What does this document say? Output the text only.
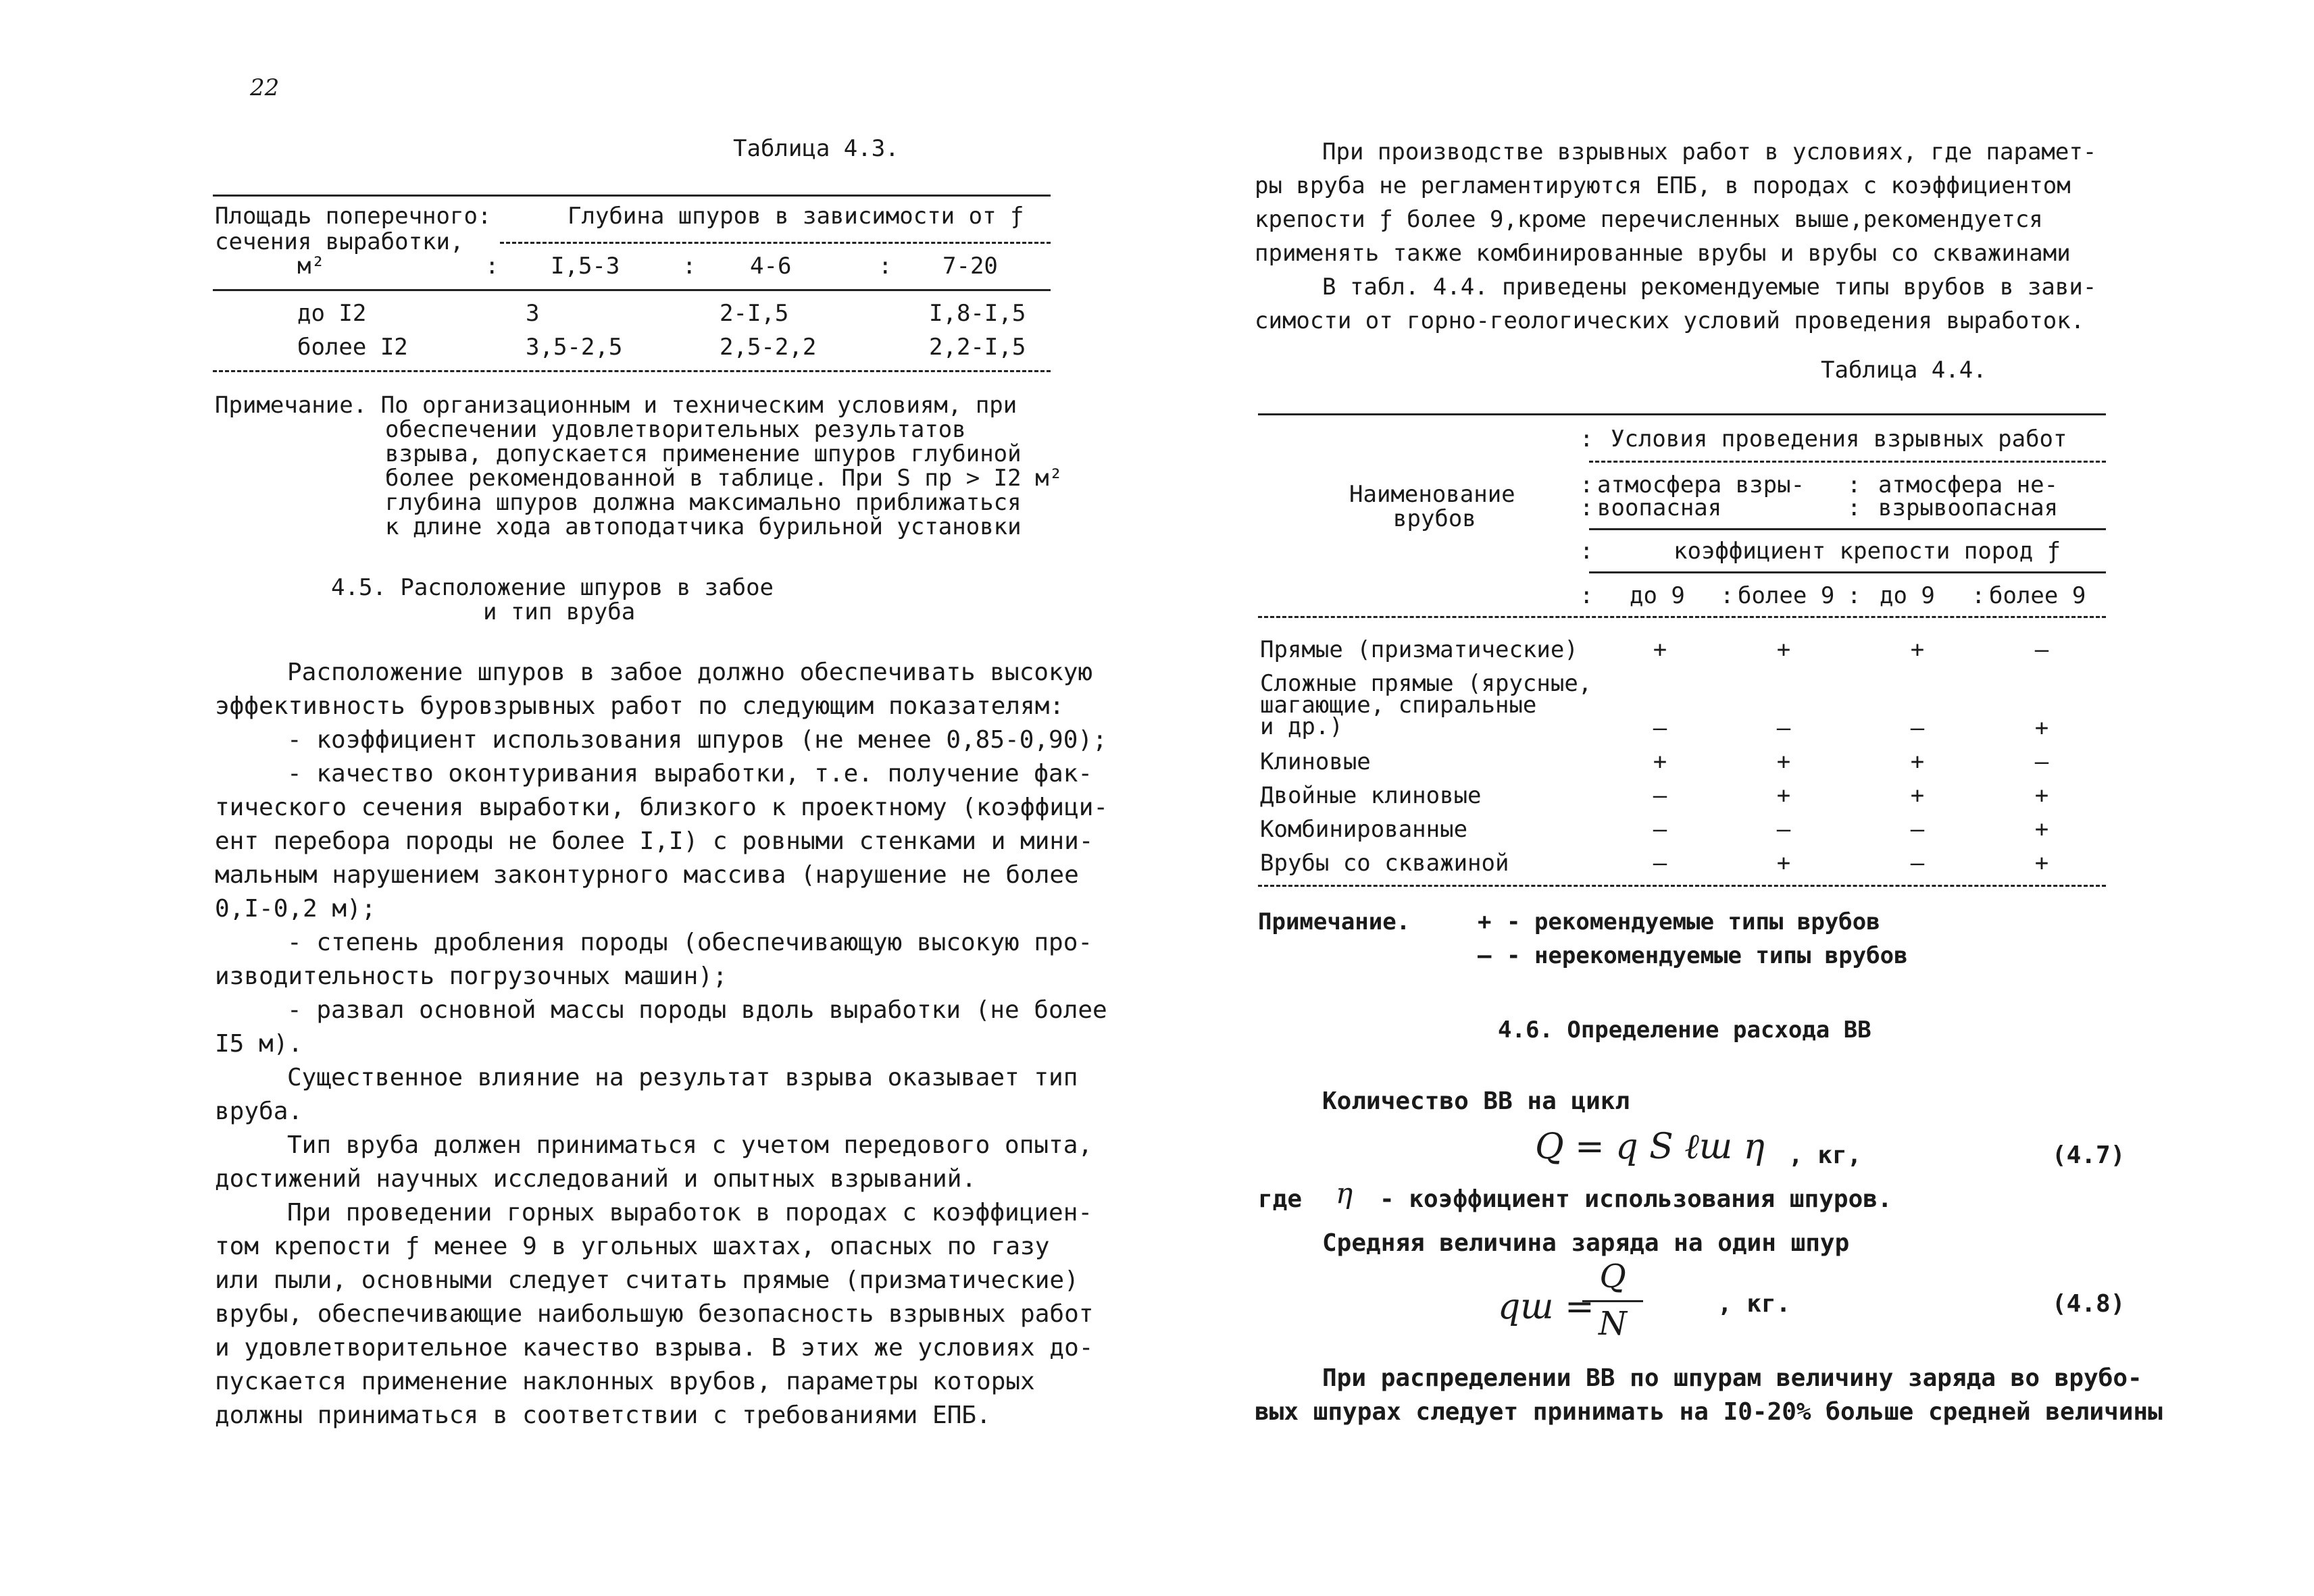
22
Таблица 4.3.
Площадь поперечного:
сечения выработки,
м²
Глубина шпуров в зависимости от ƒ
: I,5-3	: 4-6	: 7-20
до I2	3	2-I,5	I,8-I,5
более I2	3,5-2,5	2,5-2,2	2,2-I,5
Примечание. По организационным и техническим условиям, при
обеспечении удовлетворительных результатов
взрыва, допускается применение шпуров глубиной
более рекомендованной в таблице. При S пр > I2 м²
глубина шпуров должна максимально приближаться
к длине хода автоподатчика бурильной установки
4.5. Расположение шпуров в забое
и тип вруба
Расположение шпуров в забое должно обеспечивать высокую
эффективность буровзрывных работ по следующим показателям:
- коэффициент использования шпуров (не менее 0,85-0,90);
- качество оконтуривания выработки, т.е. получение фак-
тического сечения выработки, близкого к проектному (коэффици-
ент перебора породы не более I,I) с ровными стенками и мини-
мальным нарушением законтурного массива (нарушение не более
0,I-0,2 м);
- степень дробления породы (обеспечивающую высокую про-
изводительность погрузочных машин);
- развал основной массы породы вдоль выработки (не более
I5 м).
Существенное влияние на результат взрыва оказывает тип
вруба.
Тип вруба должен приниматься с учетом передового опыта,
достижений научных исследований и опытных взрываний.
При проведении горных выработок в породах с коэффициен-
том крепости ƒ менее 9 в угольных шахтах, опасных по газу
или пыли, основными следует считать прямые (призматические)
врубы, обеспечивающие наибольшую безопасность взрывных работ
и удовлетворительное качество взрыва. В этих же условиях до-
пускается применение наклонных врубов, параметры которых
должны приниматься в соответствии с требованиями ЕПБ.
При производстве взрывных работ в условиях, где парамет-
ры вруба не регламентируются ЕПБ, в породах с коэффициентом
крепости ƒ более 9,кроме перечисленных выше,рекомендуется
применять также комбинированные врубы и врубы со скважинами
В табл. 4.4. приведены рекомендуемые типы врубов в зави-
симости от горно-геологических условий проведения выработок.
Таблица 4.4.
Наименование
врубов
: Условия проведения взрывных работ
: атмосфера взры-
: воопасная
:
:
атмосфера не-
взрывоопасная
:	коэффициент крепости пород ƒ
: до 9 : более 9 : до 9 : более 9
Прямые (призматические)	+	+	+	–
Сложные прямые (ярусные,
шагающие, спиральные
и др.)	–	–	–	+
Клиновые	+	+	+	–
Двойные клиновые	–	+	+	+
Комбинированные	–	–	–	+
Врубы со скважиной	–	+	–	+
Примечание.	+ - рекомендуемые типы врубов
– - нерекомендуемые типы врубов
4.6. Определение расхода ВВ
Количество ВВ на цикл
Q = q S ℓш η , кг,	(4.7)
где η - коэффициент использования шпуров.
Средняя величина заряда на один шпур
qш =
Q
N
, кг.	(4.8)
При распределении ВВ по шпурам величину заряда во врубо-
вых шпурах следует принимать на I0-20% больше средней величины
